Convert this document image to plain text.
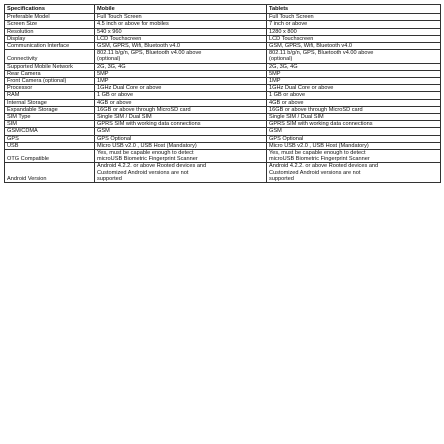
Specifications	Mobile	Tablets
Preferable Model	Full Touch Screen	Full Touch Screen
Screen Size	4.5 inch or above for mobiles	7 inch or above
Resolution	540 x 960	1280 x 800
Display	LCD Touchscreen	LCD Touchscreen
Communication Interface	GSM, GPRS, Wifi, Bluetooth v4.0	GSM, GPRS, Wifi, Bluetooth v4.0
Connectivity	802.11 b/g/n, GPS, Bluetooth v4.00 above (optional)	802.11 b/g/n, GPS, Bluetooth v4.00 above (optional)
Supported Mobile Network	2G, 3G, 4G	2G, 3G, 4G
Rear Camera	5MP	5MP
Front Camera (optional)	1MP	1MP
Processor	1GHz Dual Core or above	1GHz Dual Core or above
RAM	1 GB or above	1 GB or above
Internal Storage	4GB or above	4GB or above
Expandable Storage	16GB or above through MicroSD card	16GB or above through MicroSD card
SIM Type	Single SIM / Dual SIM	Single SIM / Dual SIM
SIM	GPRS SIM with working data connections	GPRS SIM with working data connections
GSM/CDMA	GSM	GSM
GPS	GPS Optional	GPS Optional
USB	Micro USB v2.0 , USB Host (Mandatory)	Micro USB v2.0 , USB Host (Mandatory)
OTG Compatible	Yes, must be capable enough to detect microUSB Biometric Fingerprint Scanner	Yes, must be capable enough to detect microUSB Biometric Fingerprint Scanner
Android Version	Android 4.2.2. or above Rooted devices and Customized Android versions are not supported	Android 4.2.2. or above Rooted devices and Customized Android versions are not supported
